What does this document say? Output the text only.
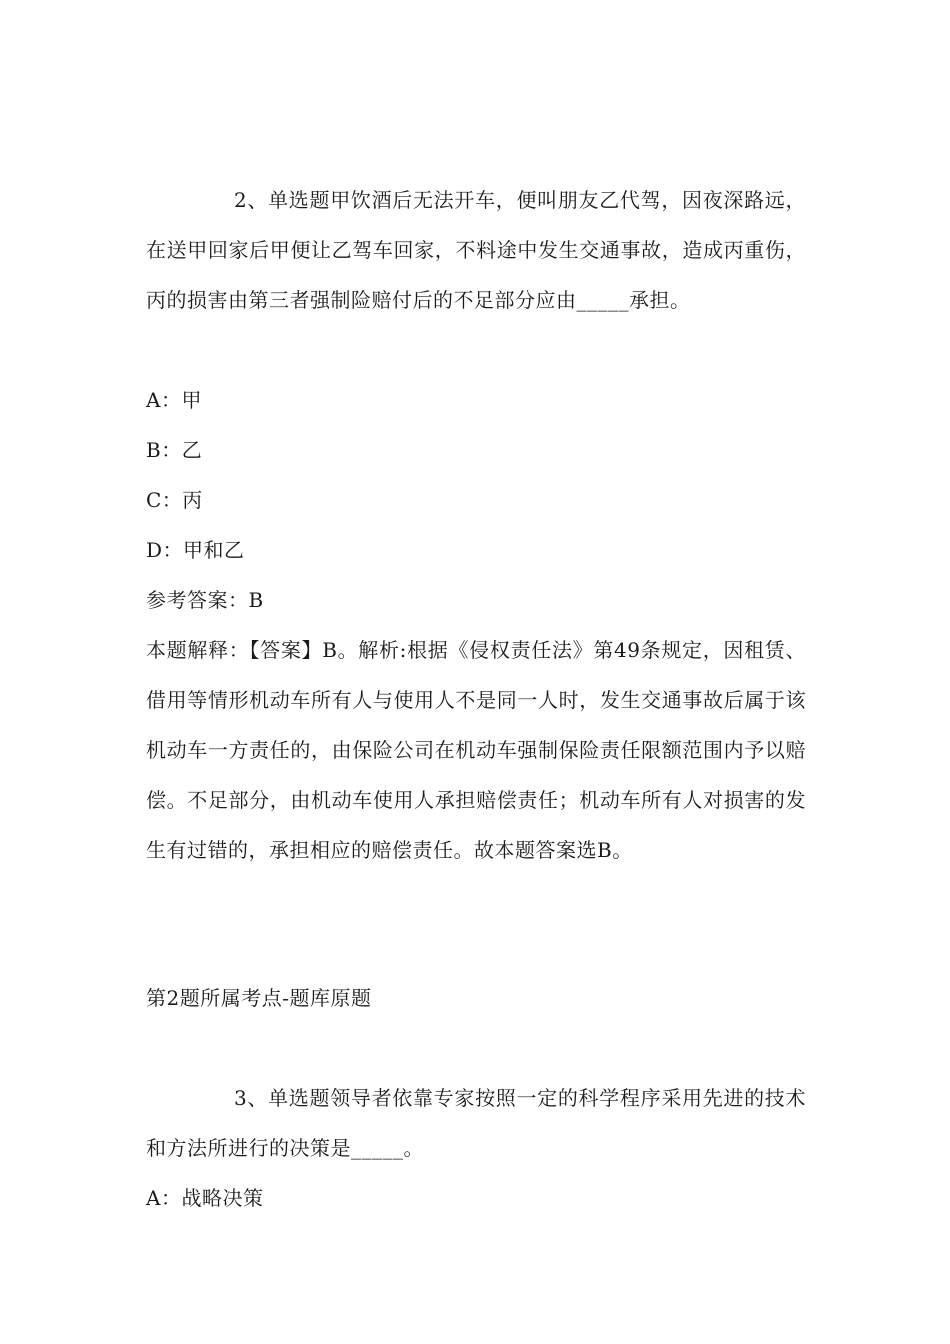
2、单选题甲饮酒后无法开车，便叫朋友乙代驾，因夜深路远，在送甲回家后甲便让乙驾车回家，不料途中发生交通事故，造成丙重伤，丙的损害由第三者强制险赔付后的不足部分应由_____承担。
A：甲
B：乙
C：丙
D：甲和乙
参考答案：B
本题解释：【答案】B。解析:根据《侵权责任法》第49条规定，因租赁、借用等情形机动车所有人与使用人不是同一人时，发生交通事故后属于该机动车一方责任的，由保险公司在机动车强制保险责任限额范围内予以赔偿。不足部分，由机动车使用人承担赔偿责任；机动车所有人对损害的发生有过错的，承担相应的赔偿责任。故本题答案选B。
第2题所属考点-题库原题
3、单选题领导者依靠专家按照一定的科学程序采用先进的技术和方法所进行的决策是_____。
A：战略决策
